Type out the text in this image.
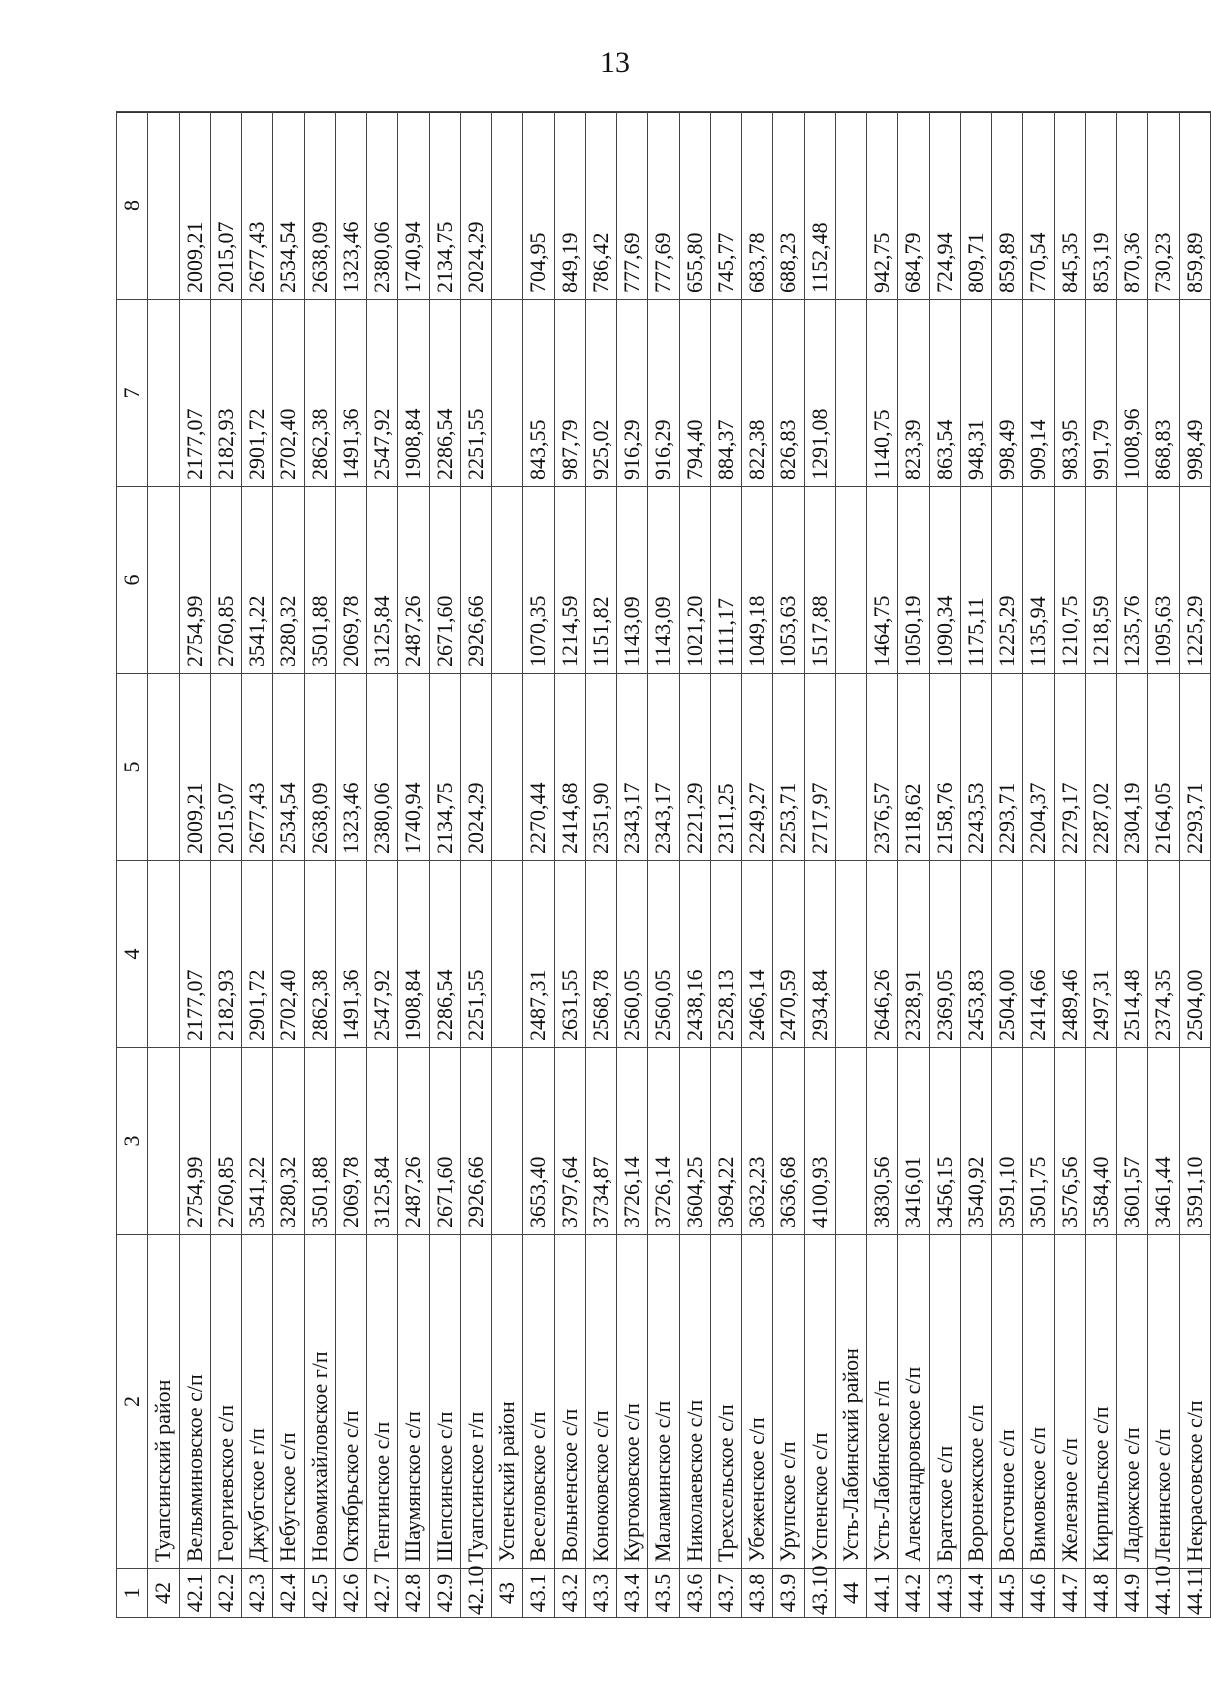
13
1	2	3	4	5	6	7	8
42	Туапсинский район						
42.1	Вельяминовское с/п	2754,99	2177,07	2009,21	2754,99	2177,07	2009,21
42.2	Георгиевское с/п	2760,85	2182,93	2015,07	2760,85	2182,93	2015,07
42.3	Джубгское г/п	3541,22	2901,72	2677,43	3541,22	2901,72	2677,43
42.4	Небугское с/п	3280,32	2702,40	2534,54	3280,32	2702,40	2534,54
42.5	Новомихайловское г/п	3501,88	2862,38	2638,09	3501,88	2862,38	2638,09
42.6	Октябрьское с/п	2069,78	1491,36	1323,46	2069,78	1491,36	1323,46
42.7	Тенгинское с/п	3125,84	2547,92	2380,06	3125,84	2547,92	2380,06
42.8	Шаумянское с/п	2487,26	1908,84	1740,94	2487,26	1908,84	1740,94
42.9	Шепсинское с/п	2671,60	2286,54	2134,75	2671,60	2286,54	2134,75
42.10	Туапсинское г/п	2926,66	2251,55	2024,29	2926,66	2251,55	2024,29
43	Успенский район						
43.1	Веселовское с/п	3653,40	2487,31	2270,44	1070,35	843,55	704,95
43.2	Вольненское с/п	3797,64	2631,55	2414,68	1214,59	987,79	849,19
43.3	Коноковское с/п	3734,87	2568,78	2351,90	1151,82	925,02	786,42
43.4	Кургоковское с/п	3726,14	2560,05	2343,17	1143,09	916,29	777,69
43.5	Маламинское с/п	3726,14	2560,05	2343,17	1143,09	916,29	777,69
43.6	Николаевское с/п	3604,25	2438,16	2221,29	1021,20	794,40	655,80
43.7	Трехсельское с/п	3694,22	2528,13	2311,25	1111,17	884,37	745,77
43.8	Убеженское с/п	3632,23	2466,14	2249,27	1049,18	822,38	683,78
43.9	Урупское с/п	3636,68	2470,59	2253,71	1053,63	826,83	688,23
43.10	Успенское с/п	4100,93	2934,84	2717,97	1517,88	1291,08	1152,48
44	Усть-Лабинский район						
44.1	Усть-Лабинское г/п	3830,56	2646,26	2376,57	1464,75	1140,75	942,75
44.2	Александровское с/п	3416,01	2328,91	2118,62	1050,19	823,39	684,79
44.3	Братское с/п	3456,15	2369,05	2158,76	1090,34	863,54	724,94
44.4	Воронежское с/п	3540,92	2453,83	2243,53	1175,11	948,31	809,71
44.5	Восточное с/п	3591,10	2504,00	2293,71	1225,29	998,49	859,89
44.6	Вимовское с/п	3501,75	2414,66	2204,37	1135,94	909,14	770,54
44.7	Железное с/п	3576,56	2489,46	2279,17	1210,75	983,95	845,35
44.8	Кирпильское с/п	3584,40	2497,31	2287,02	1218,59	991,79	853,19
44.9	Ладожское с/п	3601,57	2514,48	2304,19	1235,76	1008,96	870,36
44.10	Ленинское с/п	3461,44	2374,35	2164,05	1095,63	868,83	730,23
44.11	Некрасовское с/п	3591,10	2504,00	2293,71	1225,29	998,49	859,89
